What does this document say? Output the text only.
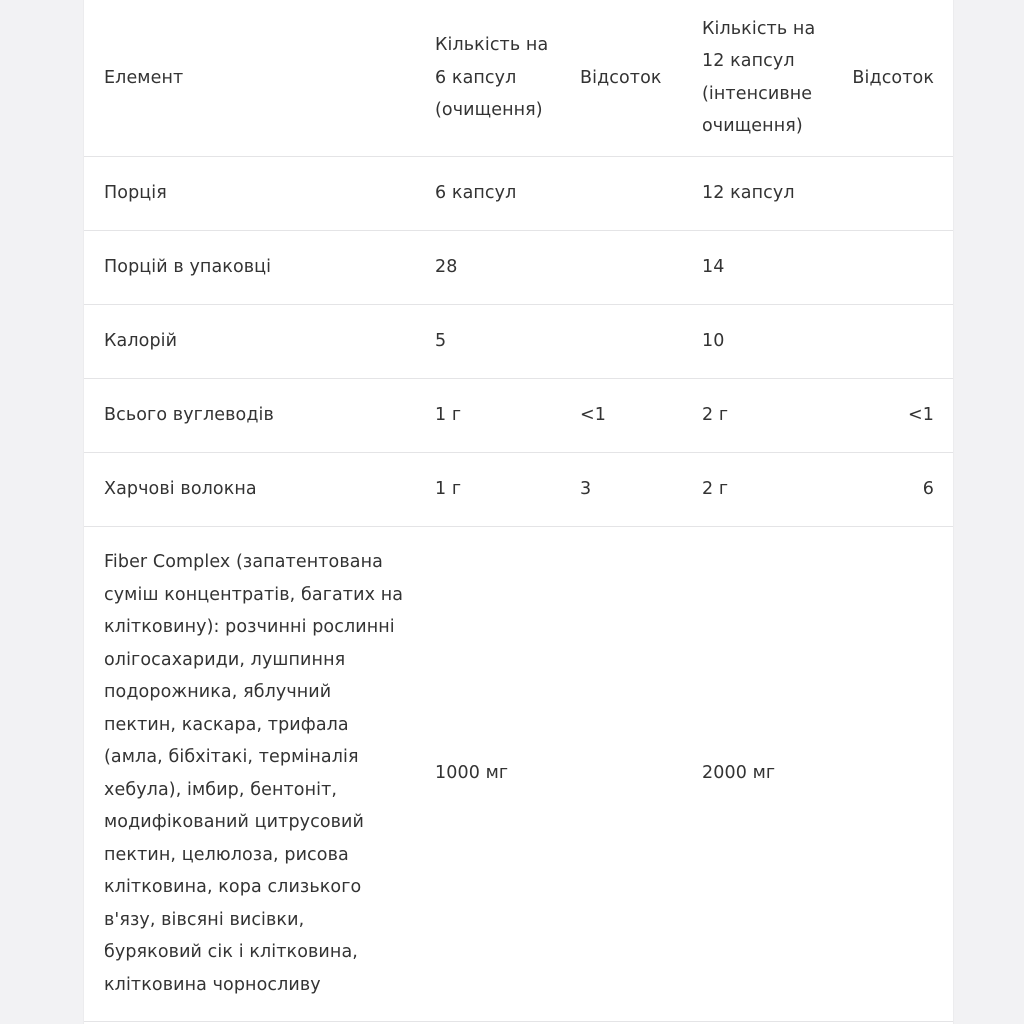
Елемент	Кількість на 6 капсул (очищення)	Відсоток	Кількість на 12 капсул (інтенсивне очищення)	Відсоток
Порція	6 капсул		12 капсул	
Порцій в упаковці	28		14	
Калорій	5		10	
Всього вуглеводів	1 г	<1	2 г	<1
Харчові волокна	1 г	3	2 г	6

Fiber Complex (запатентована суміш концентратів, багатих на клітковину): розчинні рослинні олігосахариди, лушпиння подорожника, яблучний пектин, каскара, трифала (амла, бібхітакі, терміналія хебула), імбир, бентоніт, модифікований цитрусовий пектин, целюлоза, рисова клітковина, кора слизького в'язу, вівсяні висівки, буряковий сік і клітковина, клітковина чорносливу	1000 мг		2000 мг	
